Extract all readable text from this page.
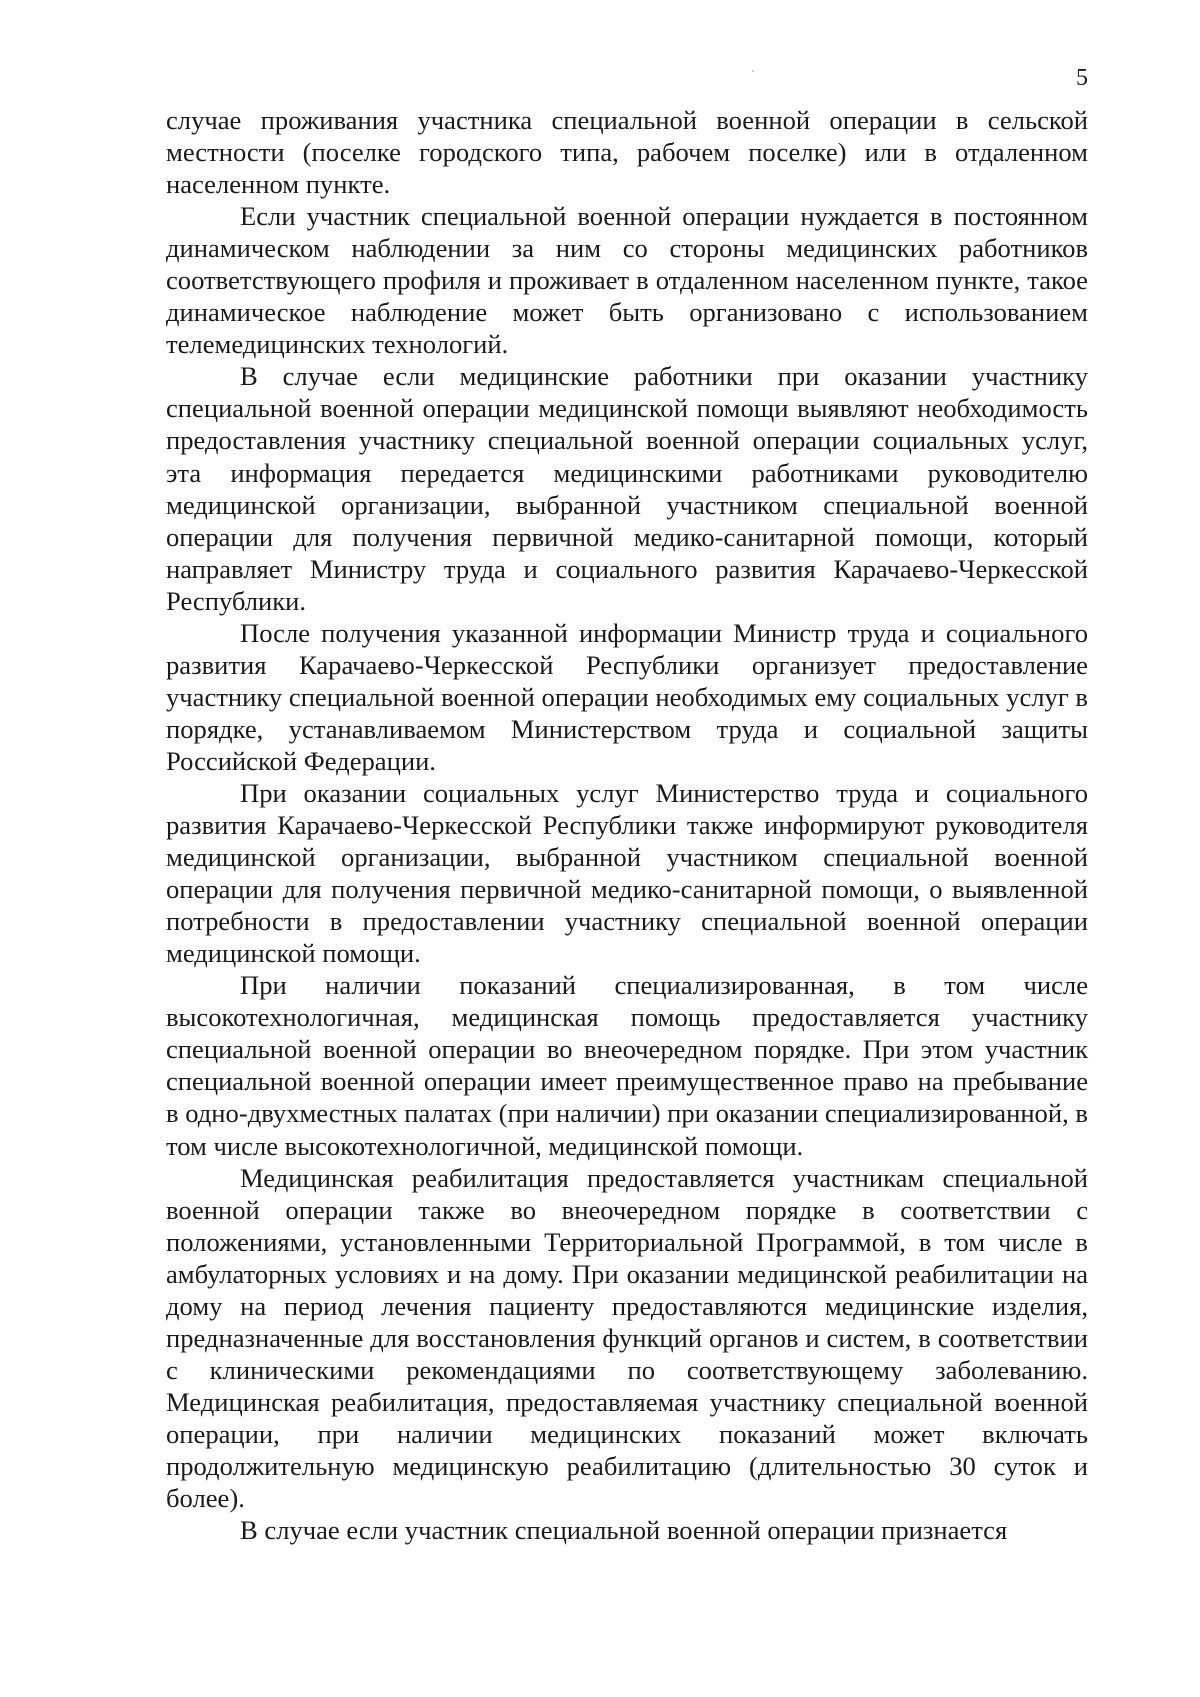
5

случае проживания участника специальной военной операции в сельской местности (поселке городского типа, рабочем поселке) или в отдаленном населенном пункте.

Если участник специальной военной операции нуждается в постоянном динамическом наблюдении за ним со стороны медицинских работников соответствующего профиля и проживает в отдаленном населенном пункте, такое динамическое наблюдение может быть организовано с использованием телемедицинских технологий.

В случае если медицинские работники при оказании участнику специальной военной операции медицинской помощи выявляют необходимость предоставления участнику специальной военной операции социальных услуг, эта информация передается медицинскими работниками руководителю медицинской организации, выбранной участником специальной военной операции для получения первичной медико-санитарной помощи, который направляет Министру труда и социального развития Карачаево-Черкесской Республики.

После получения указанной информации Министр труда и социального развития Карачаево-Черкесской Республики организует предоставление участнику специальной военной операции необходимых ему социальных услуг в порядке, устанавливаемом Министерством труда и социальной защиты Российской Федерации.

При оказании социальных услуг Министерство труда и социального развития Карачаево-Черкесской Республики также информируют руководителя медицинской организации, выбранной участником специальной военной операции для получения первичной медико-санитарной помощи, о выявленной потребности в предоставлении участнику специальной военной операции медицинской помощи.

При наличии показаний специализированная, в том числе высокотехнологичная, медицинская помощь предоставляется участнику специальной военной операции во внеочередном порядке. При этом участник специальной военной операции имеет преимущественное право на пребывание в одно-двухместных палатах (при наличии) при оказании специализированной, в том числе высокотехнологичной, медицинской помощи.

Медицинская реабилитация предоставляется участникам специальной военной операции также во внеочередном порядке в соответствии с положениями, установленными Территориальной Программой, в том числе в амбулаторных условиях и на дому. При оказании медицинской реабилитации на дому на период лечения пациенту предоставляются медицинские изделия, предназначенные для восстановления функций органов и систем, в соответствии с клиническими рекомендациями по соответствующему заболеванию. Медицинская реабилитация, предоставляемая участнику специальной военной операции, при наличии медицинских показаний может включать продолжительную медицинскую реабилитацию (длительностью 30 суток и более).

В случае если участник специальной военной операции признается
